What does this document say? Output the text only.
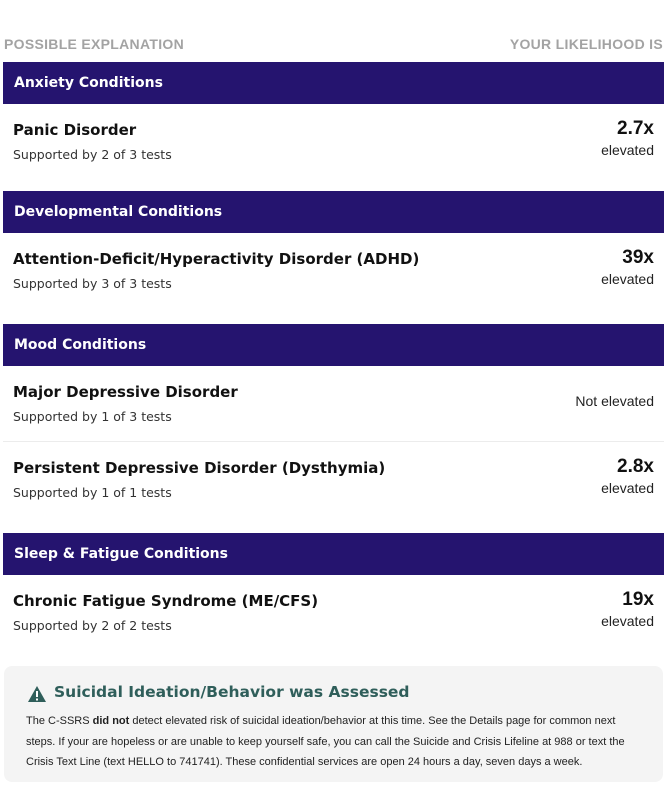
POSSIBLE EXPLANATION	YOUR LIKELIHOOD IS
Anxiety Conditions
Panic Disorder
Supported by 2 of 3 tests
2.7x
elevated
Developmental Conditions
Attention-Deficit/Hyperactivity Disorder (ADHD)
Supported by 3 of 3 tests
39x
elevated
Mood Conditions
Major Depressive Disorder
Supported by 1 of 3 tests
Not elevated
Persistent Depressive Disorder (Dysthymia)
Supported by 1 of 1 tests
2.8x
elevated
Sleep & Fatigue Conditions
Chronic Fatigue Syndrome (ME/CFS)
Supported by 2 of 2 tests
19x
elevated
Suicidal Ideation/Behavior was Assessed

The C-SSRS did not detect elevated risk of suicidal ideation/behavior at this time. See the Details page for common next steps. If your are hopeless or are unable to keep yourself safe, you can call the Suicide and Crisis Lifeline at 988 or text the Crisis Text Line (text HELLO to 741741). These confidential services are open 24 hours a day, seven days a week.
